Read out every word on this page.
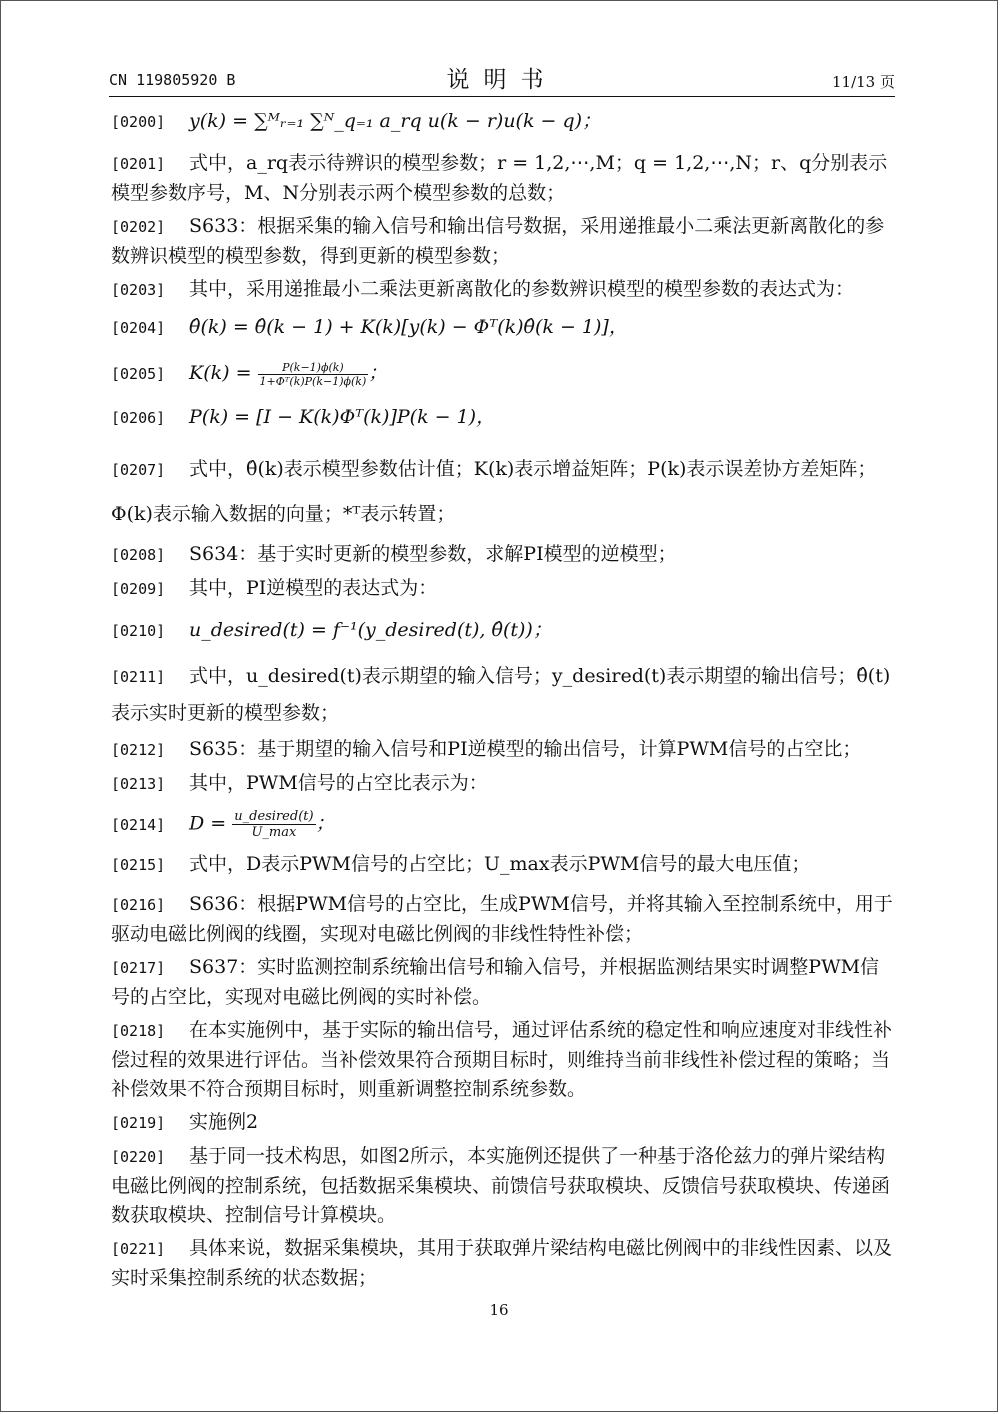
CN 119805920 B	说明书	11/13 页

[0200] y(k) = ∑ᴹᵣ₌₁ ∑ᴺ_q₌₁ a_rq u(k − r)u(k − q)；

[0201] 式中，a_rq表示待辨识的模型参数；r = 1,2,⋯,M；q = 1,2,⋯,N；r、q分别表示模型参数序号，M、N分别表示两个模型参数的总数；

[0202] S633：根据采集的输入信号和输出信号数据，采用递推最小二乘法更新离散化的参数辨识模型的模型参数，得到更新的模型参数；

[0203] 其中，采用递推最小二乘法更新离散化的参数辨识模型的模型参数的表达式为：

[0204] θ̂(k) = θ̂(k − 1) + K(k)[y(k) − Φᵀ(k)θ̂(k − 1)]，

[0205] $K(k) = \frac{P(k-1)\phi(k)}{\text{1+Φᵀ(k)P(k−1)ϕ(k)}}$ ；

[0206] P(k) = [I − K(k)Φᵀ(k)]P(k − 1)，

[0207] 式中，θ̂(k)表示模型参数估计值；K(k)表示增益矩阵；P(k)表示误差协方差矩阵；Φ(k)表示输入数据的向量；*ᵀ表示转置；

[0208] S634：基于实时更新的模型参数，求解PI模型的逆模型；

[0209] 其中，PI逆模型的表达式为：

[0210] u_desired(t) = f⁻¹(y_desired(t), θ̂(t))；

[0211] 式中，u_desired(t)表示期望的输入信号；y_desired(t)表示期望的输出信号；θ̂(t)表示实时更新的模型参数；

[0212] S635：基于期望的输入信号和PI逆模型的输出信号，计算PWM信号的占空比；

[0213] 其中，PWM信号的占空比表示为：

[0214] $D = \frac{\text{u\_desired(t)}}{U\_\max}$ ；

[0215] 式中，D表示PWM信号的占空比；U_max表示PWM信号的最大电压值；

[0216] S636：根据PWM信号的占空比，生成PWM信号，并将其输入至控制系统中，用于驱动电磁比例阀的线圈，实现对电磁比例阀的非线性特性补偿；

[0217] S637：实时监测控制系统输出信号和输入信号，并根据监测结果实时调整PWM信号的占空比，实现对电磁比例阀的实时补偿。

[0218] 在本实施例中，基于实际的输出信号，通过评估系统的稳定性和响应速度对非线性补偿过程的效果进行评估。当补偿效果符合预期目标时，则维持当前非线性补偿过程的策略；当补偿效果不符合预期目标时，则重新调整控制系统参数。

[0219] 实施例2

[0220] 基于同一技术构思，如图2所示，本实施例还提供了一种基于洛伦兹力的弹片梁结构电磁比例阀的控制系统，包括数据采集模块、前馈信号获取模块、反馈信号获取模块、传递函数获取模块、控制信号计算模块。

[0221] 具体来说，数据采集模块，其用于获取弹片梁结构电磁比例阀中的非线性因素、以及实时采集控制系统的状态数据；

16
